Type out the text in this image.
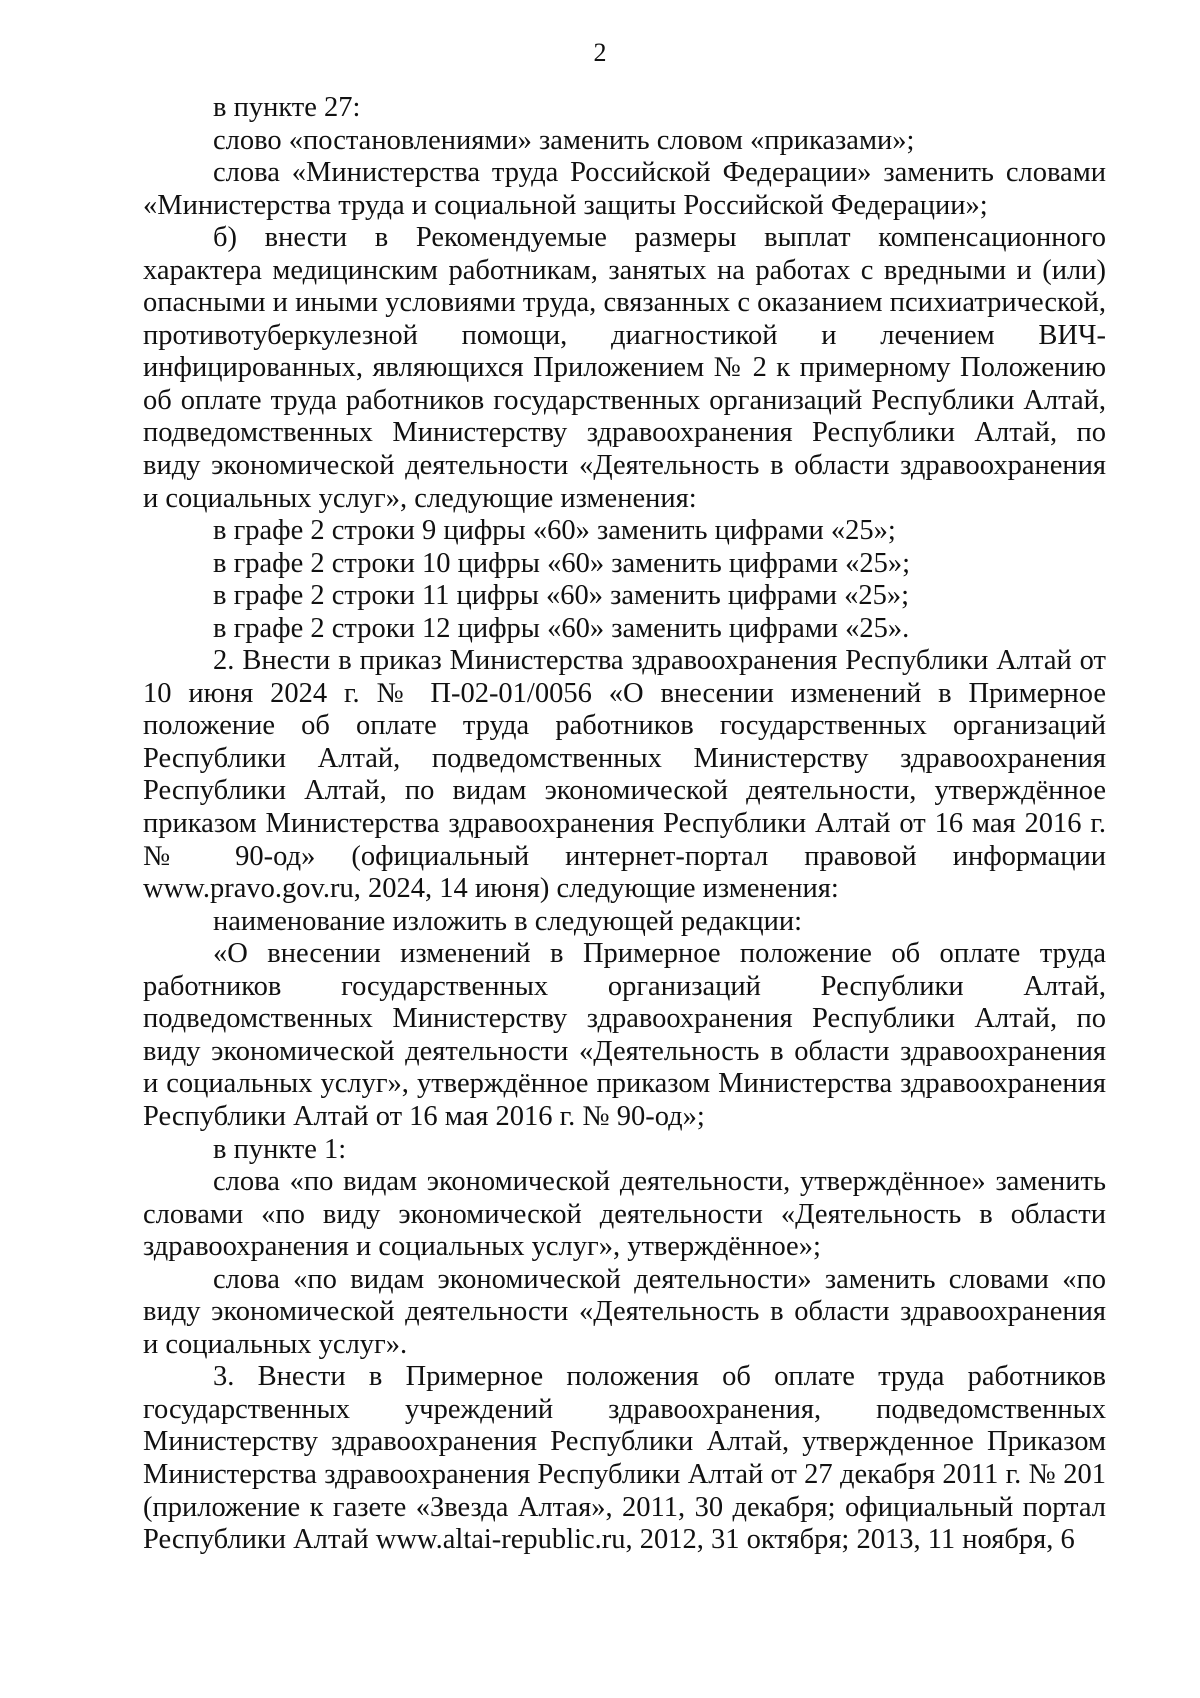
2

в пункте 27:

слово «постановлениями» заменить словом «приказами»;

слова «Министерства труда Российской Федерации» заменить словами «Министерства труда и социальной защиты Российской Федерации»;

б) внести в Рекомендуемые размеры выплат компенсационного характера медицинским работникам, занятых на работах с вредными и (или) опасными и иными условиями труда, связанных с оказанием психиатрической, противотуберкулезной помощи, диагностикой и лечением ВИЧ-инфицированных, являющихся Приложением № 2 к примерному Положению об оплате труда работников государственных организаций Республики Алтай, подведомственных Министерству здравоохранения Республики Алтай, по виду экономической деятельности «Деятельность в области здравоохранения и социальных услуг», следующие изменения:

в графе 2 строки 9 цифры «60» заменить цифрами «25»;

в графе 2 строки 10 цифры «60» заменить цифрами «25»;

в графе 2 строки 11 цифры «60» заменить цифрами «25»;

в графе 2 строки 12 цифры «60» заменить цифрами «25».

2. Внести в приказ Министерства здравоохранения Республики Алтай от 10 июня 2024 г. № П-02-01/0056 «О внесении изменений в Примерное положение об оплате труда работников государственных организаций Республики Алтай, подведомственных Министерству здравоохранения Республики Алтай, по видам экономической деятельности, утверждённое приказом Министерства здравоохранения Республики Алтай от 16 мая 2016 г. № 90-од» (официальный интернет-портал правовой информации www.pravo.gov.ru, 2024, 14 июня) следующие изменения:

наименование изложить в следующей редакции:

«О внесении изменений в Примерное положение об оплате труда работников государственных организаций Республики Алтай, подведомственных Министерству здравоохранения Республики Алтай, по виду экономической деятельности «Деятельность в области здравоохранения и социальных услуг», утверждённое приказом Министерства здравоохранения Республики Алтай от 16 мая 2016 г. № 90-од»;

в пункте 1:

слова «по видам экономической деятельности, утверждённое» заменить словами «по виду экономической деятельности «Деятельность в области здравоохранения и социальных услуг», утверждённое»;

слова «по видам экономической деятельности» заменить словами «по виду экономической деятельности «Деятельность в области здравоохранения и социальных услуг».

3. Внести в Примерное положения об оплате труда работников государственных учреждений здравоохранения, подведомственных Министерству здравоохранения Республики Алтай, утвержденное Приказом Министерства здравоохранения Республики Алтай от 27 декабря 2011 г. № 201 (приложение к газете «Звезда Алтая», 2011, 30 декабря; официальный портал Республики Алтай www.altai-republic.ru, 2012, 31 октября; 2013, 11 ноября, 6
